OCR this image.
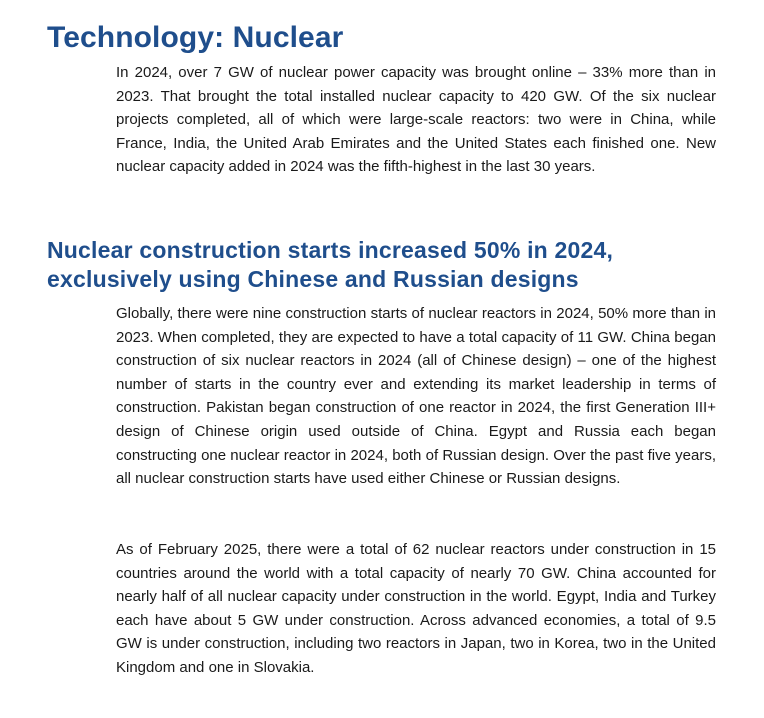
Technology: Nuclear

In 2024, over 7 GW of nuclear power capacity was brought online – 33% more than in 2023. That brought the total installed nuclear capacity to 420 GW. Of the six nuclear projects completed, all of which were large-scale reactors: two were in China, while France, India, the United Arab Emirates and the United States each finished one. New nuclear capacity added in 2024 was the fifth-highest in the last 30 years.

Nuclear construction starts increased 50% in 2024, exclusively using Chinese and Russian designs

Globally, there were nine construction starts of nuclear reactors in 2024, 50% more than in 2023. When completed, they are expected to have a total capacity of 11 GW. China began construction of six nuclear reactors in 2024 (all of Chinese design) – one of the highest number of starts in the country ever and extending its market leadership in terms of construction. Pakistan began construction of one reactor in 2024, the first Generation III+ design of Chinese origin used outside of China. Egypt and Russia each began constructing one nuclear reactor in 2024, both of Russian design. Over the past five years, all nuclear construction starts have used either Chinese or Russian designs.

As of February 2025, there were a total of 62 nuclear reactors under construction in 15 countries around the world with a total capacity of nearly 70 GW. China accounted for nearly half of all nuclear capacity under construction in the world. Egypt, India and Turkey each have about 5 GW under construction. Across advanced economies, a total of 9.5 GW is under construction, including two reactors in Japan, two in Korea, two in the United Kingdom and one in Slovakia.
